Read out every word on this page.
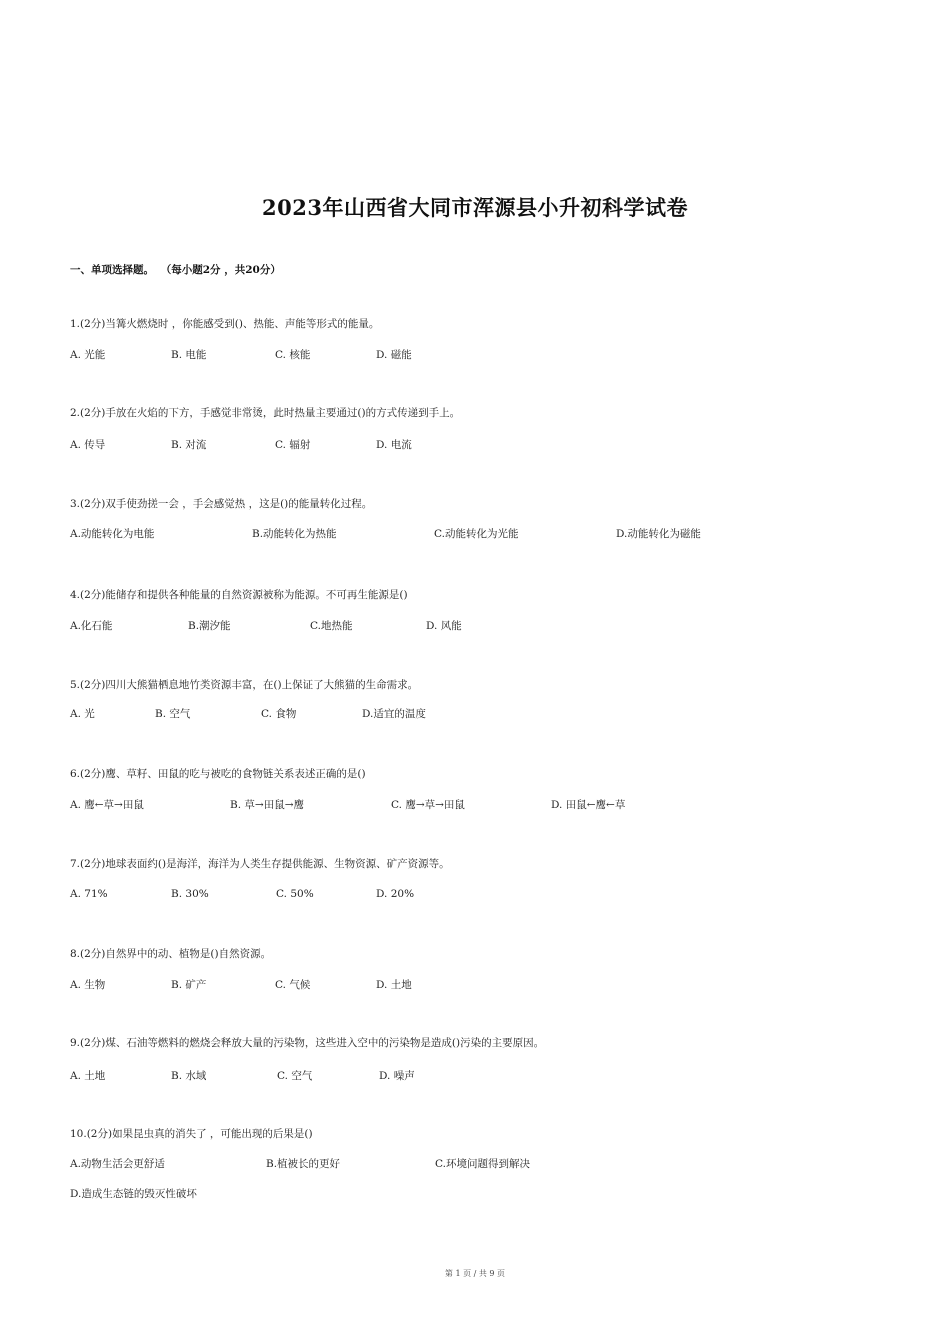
2023年山西省大同市浑源县小升初科学试卷
一、单项选择题。 （每小题2分 ，共20分）
1.(2分)当篝火燃烧时 ，你能感受到()、热能、声能等形式的能量。
A. 光能	B. 电能	C. 核能	D. 磁能
2.(2分)手放在火焰的下方，手感觉非常烫，此时热量主要通过()的方式传递到手上。
A. 传导	B. 对流	C. 辐射	D. 电流
3.(2分)双手使劲搓一会 ，手会感觉热 ，这是()的能量转化过程。
A.动能转化为电能	B.动能转化为热能	C.动能转化为光能	D.动能转化为磁能
4.(2分)能储存和提供各种能量的自然资源被称为能源。不可再生能源是()
A.化石能	B.潮汐能	C.地热能	D. 风能
5.(2分)四川大熊猫栖息地竹类资源丰富，在()上保证了大熊猫的生命需求。
A. 光	B. 空气	C. 食物	D.适宜的温度
6.(2分)鹰、草籽、田鼠的吃与被吃的食物链关系表述正确的是()
A. 鹰←草→田鼠	B. 草→田鼠→鹰	C. 鹰→草→田鼠	D. 田鼠←鹰←草
7.(2分)地球表面约()是海洋，海洋为人类生存提供能源、生物资源、矿产资源等。
A. 71%	B. 30%	C. 50%	D. 20%
8.(2分)自然界中的动、植物是()自然资源。
A. 生物	B. 矿产	C. 气候	D. 土地
9.(2分)煤、石油等燃料的燃烧会释放大量的污染物，这些进入空中的污染物是造成()污染的主要原因。
A. 土地	B. 水域	C. 空气	D. 噪声
10.(2分)如果昆虫真的消失了 ，可能出现的后果是()
A.动物生活会更舒适	B.植被长的更好	C.环境问题得到解决
D.造成生态链的毁灭性破坏
第 1 页 / 共 9 页
